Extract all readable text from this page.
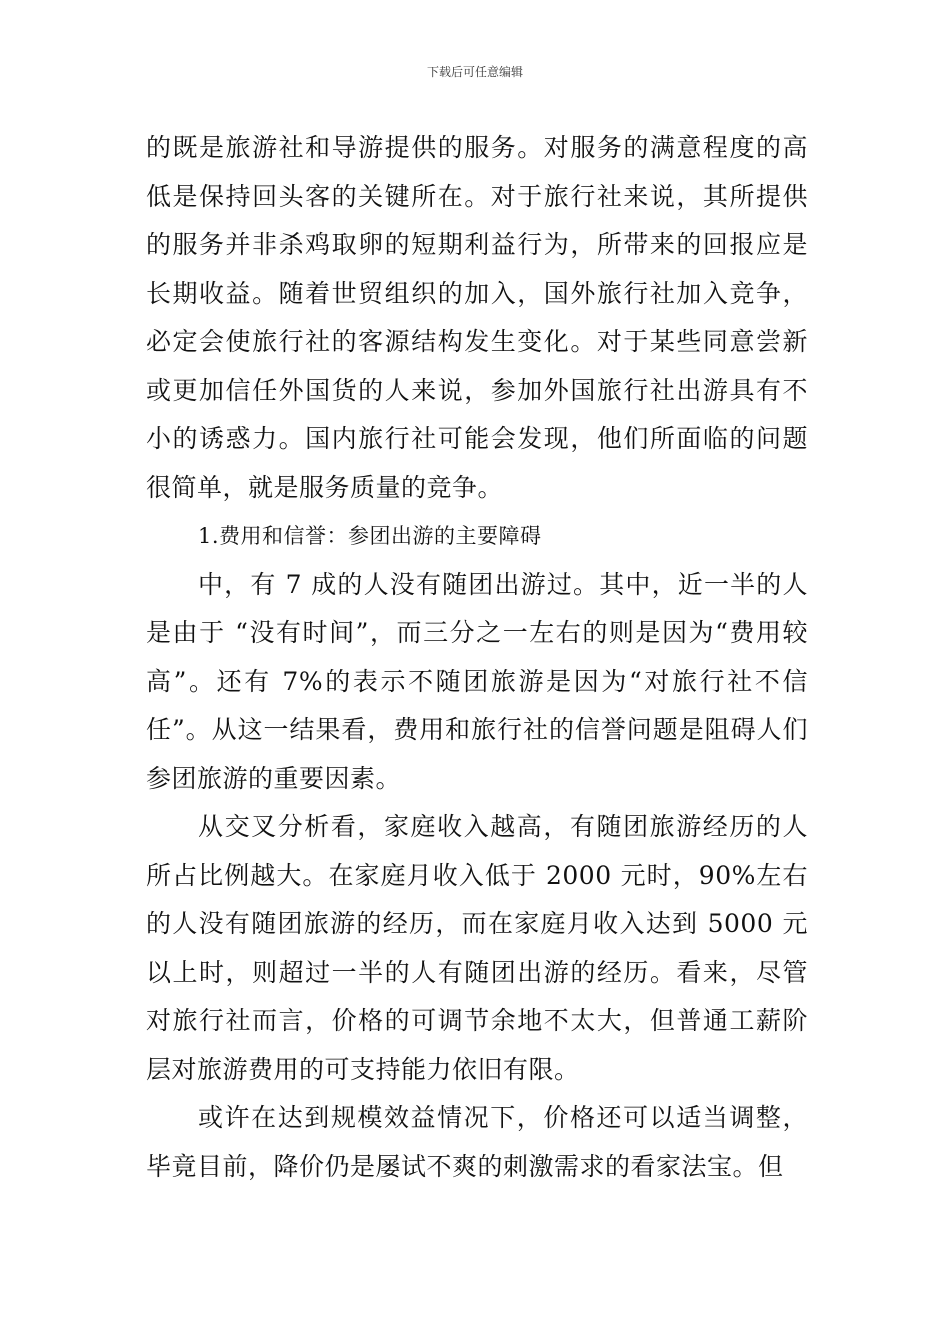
下载后可任意编辑

的既是旅游社和导游提供的服务。对服务的满意程度的高低是保持回头客的关键所在。对于旅行社来说，其所提供的服务并非杀鸡取卵的短期利益行为，所带来的回报应是长期收益。随着世贸组织的加入，国外旅行社加入竞争，必定会使旅行社的客源结构发生变化。对于某些同意尝新或更加信任外国货的人来说，参加外国旅行社出游具有不小的诱惑力。国内旅行社可能会发现，他们所面临的问题很简单，就是服务质量的竞争。

1.费用和信誉：参团出游的主要障碍

中，有 7 成的人没有随团出游过。其中，近一半的人是由于 “没有时间”，而三分之一左右的则是因为“费用较高”。还有 7%的表示不随团旅游是因为“对旅行社不信任”。从这一结果看，费用和旅行社的信誉问题是阻碍人们参团旅游的重要因素。

从交叉分析看，家庭收入越高，有随团旅游经历的人所占比例越大。在家庭月收入低于 2000 元时，90%左右的人没有随团旅游的经历，而在家庭月收入达到 5000 元以上时，则超过一半的人有随团出游的经历。看来，尽管对旅行社而言，价格的可调节余地不太大，但普通工薪阶层对旅游费用的可支持能力依旧有限。

或许在达到规模效益情况下，价格还可以适当调整，毕竟目前，降价仍是屡试不爽的刺激需求的看家法宝。但
